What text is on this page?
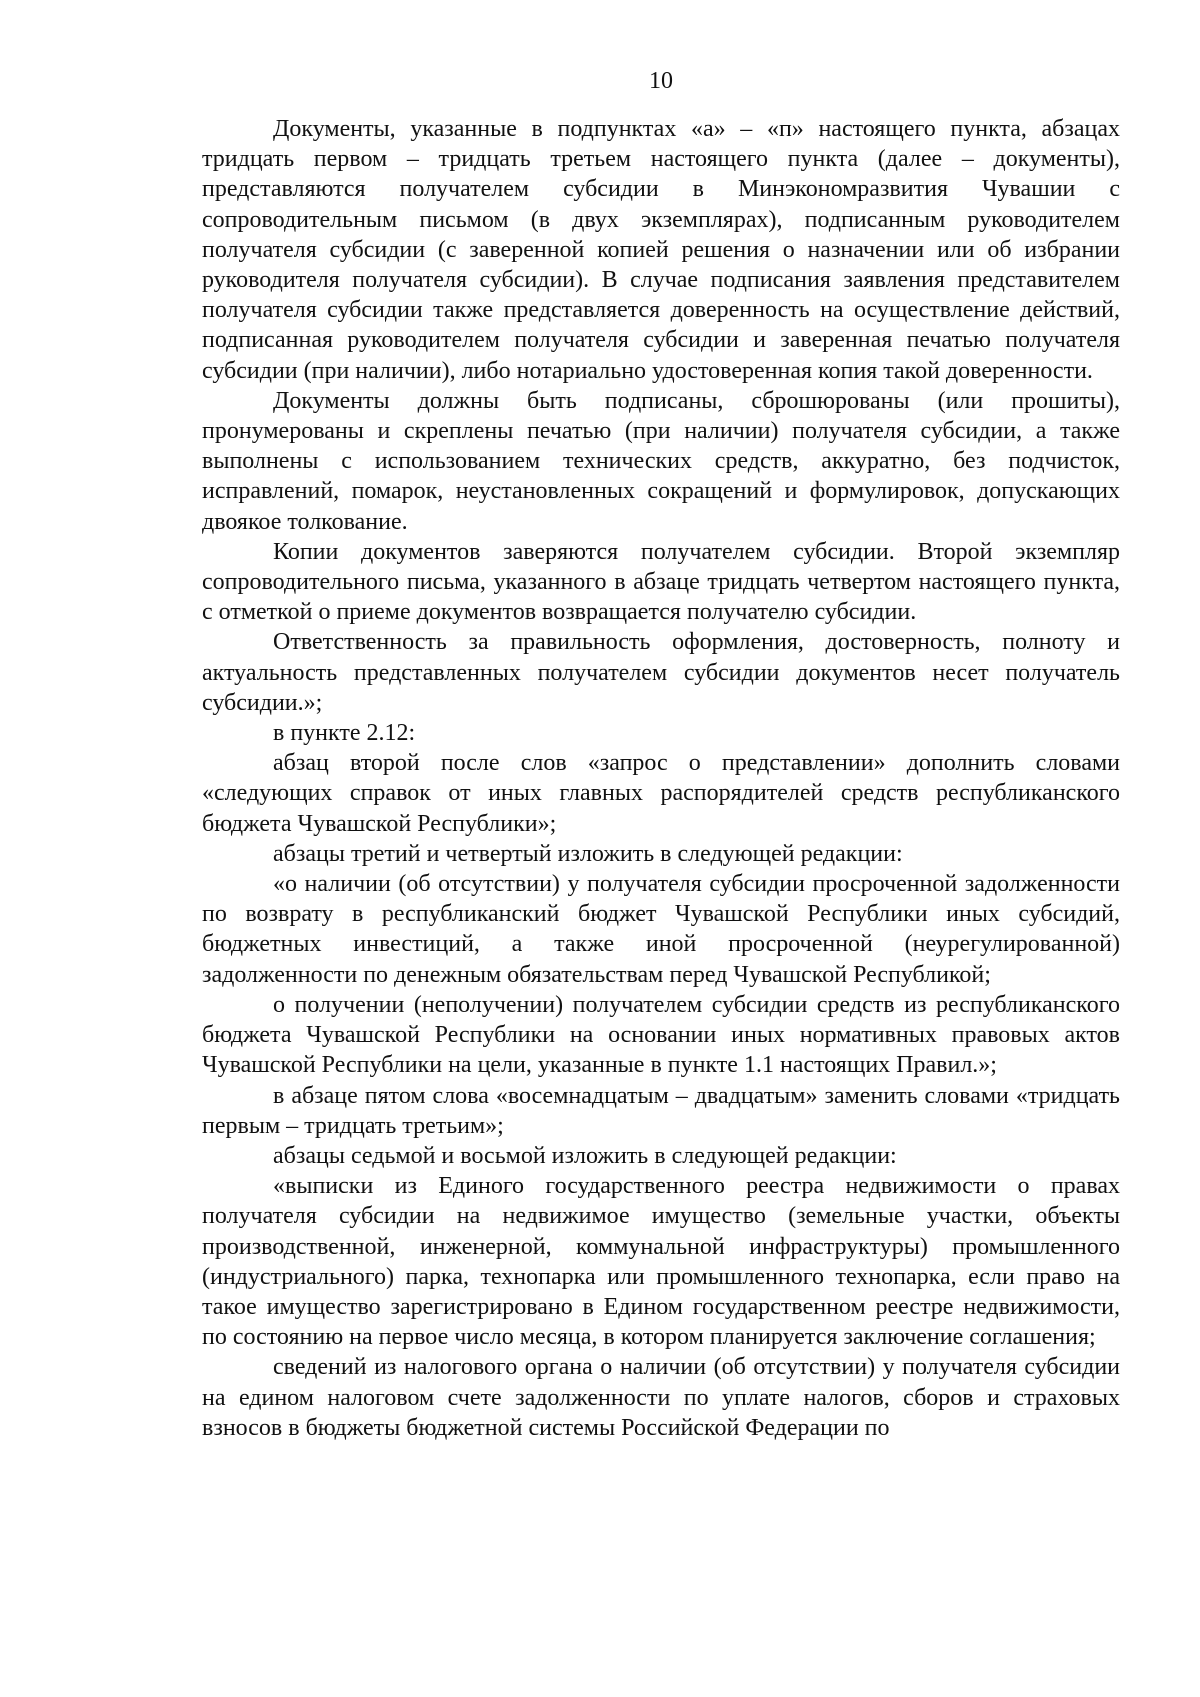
10

Документы, указанные в подпунктах «а» – «п» настоящего пункта, абзацах тридцать первом – тридцать третьем настоящего пункта (далее – документы), представляются получателем субсидии в Минэкономразвития Чувашии с сопроводительным письмом (в двух экземплярах), подписанным руководителем получателя субсидии (с заверенной копией решения о назначении или об избрании руководителя получателя субсидии). В случае подписания заявления представителем получателя субсидии также представляется доверенность на осуществление действий, подписанная руководителем получателя субсидии и заверенная печатью получателя субсидии (при наличии), либо нотариально удостоверенная копия такой доверенности.

Документы должны быть подписаны, сброшюрованы (или прошиты), пронумерованы и скреплены печатью (при наличии) получателя субсидии, а также выполнены с использованием технических средств, аккуратно, без подчисток, исправлений, помарок, неустановленных сокращений и формулировок, допускающих двоякое толкование.

Копии документов заверяются получателем субсидии. Второй экземпляр сопроводительного письма, указанного в абзаце тридцать четвертом настоящего пункта, с отметкой о приеме документов возвращается получателю субсидии.

Ответственность за правильность оформления, достоверность, полноту и актуальность представленных получателем субсидии документов несет получатель субсидии.»;

в пункте 2.12:

абзац второй после слов «запрос о представлении» дополнить словами «следующих справок от иных главных распорядителей средств республиканского бюджета Чувашской Республики»;

абзацы третий и четвертый изложить в следующей редакции:

«о наличии (об отсутствии) у получателя субсидии просроченной задолженности по возврату в республиканский бюджет Чувашской Республики иных субсидий, бюджетных инвестиций, а также иной просроченной (неурегулированной) задолженности по денежным обязательствам перед Чувашской Республикой;

о получении (неполучении) получателем субсидии средств из республиканского бюджета Чувашской Республики на основании иных нормативных правовых актов Чувашской Республики на цели, указанные в пункте 1.1 настоящих Правил.»;

в абзаце пятом слова «восемнадцатым – двадцатым» заменить словами «тридцать первым – тридцать третьим»;

абзацы седьмой и восьмой изложить в следующей редакции:

«выписки из Единого государственного реестра недвижимости о правах получателя субсидии на недвижимое имущество (земельные участки, объекты производственной, инженерной, коммунальной инфраструктуры) промышленного (индустриального) парка, технопарка или промышленного технопарка, если право на такое имущество зарегистрировано в Едином государственном реестре недвижимости, по состоянию на первое число месяца, в котором планируется заключение соглашения;

сведений из налогового органа о наличии (об отсутствии) у получателя субсидии на едином налоговом счете задолженности по уплате налогов, сборов и страховых взносов в бюджеты бюджетной системы Российской Федерации по
